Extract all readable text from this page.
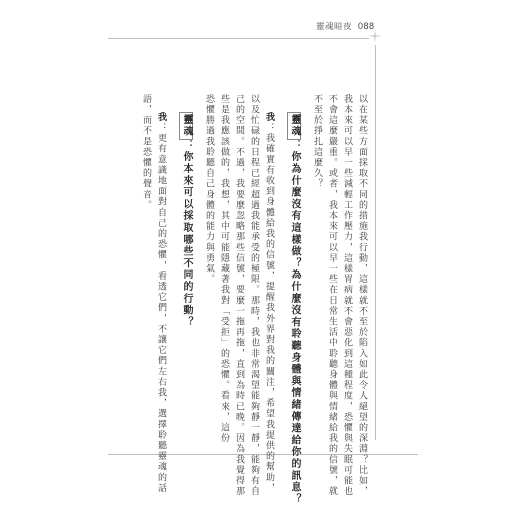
靈魂暗夜 088
以在某些方面採取不同的措施我行動，這樣就不至於陷入如此令人絕望的深淵？比如，
我本來可以早一些減輕工作壓力，這樣胃病就不會惡化到這種程度，恐懼與失眠可能也
不會這麼嚴重。或者，我本來可以早一些在日常生活中聆聽身體與情緒給我的信號，就
不至於掙扎這麼久？
靈魂：你為什麼沒有這樣做？為什麼沒有聆聽身體與情緒傳達給你的訊息？
我：我確實有收到身體給我的信號，提醒我外界對我的關注，希望我提供的幫助，
以及忙碌的日程已經超過我能承受的極限。那時，我也非常渴望能夠靜一靜，能夠有自
己的空間。不過，我要麼忽略那些信號，要麼一拖再拖，直到為時已晚。因為我覺得那
些是我應該做的，我想，其中可能隱藏著我對「受拒」的恐懼。看來，這份
恐懼勝過我聆聽自己身體的能力與勇氣。
靈魂：你本來可以採取哪些不同的行動？
我：更有意識地面對自己的恐懼，看透它們，不讓它們左右我，選擇聆聽靈魂的話
語，而不是恐懼的聲音。
